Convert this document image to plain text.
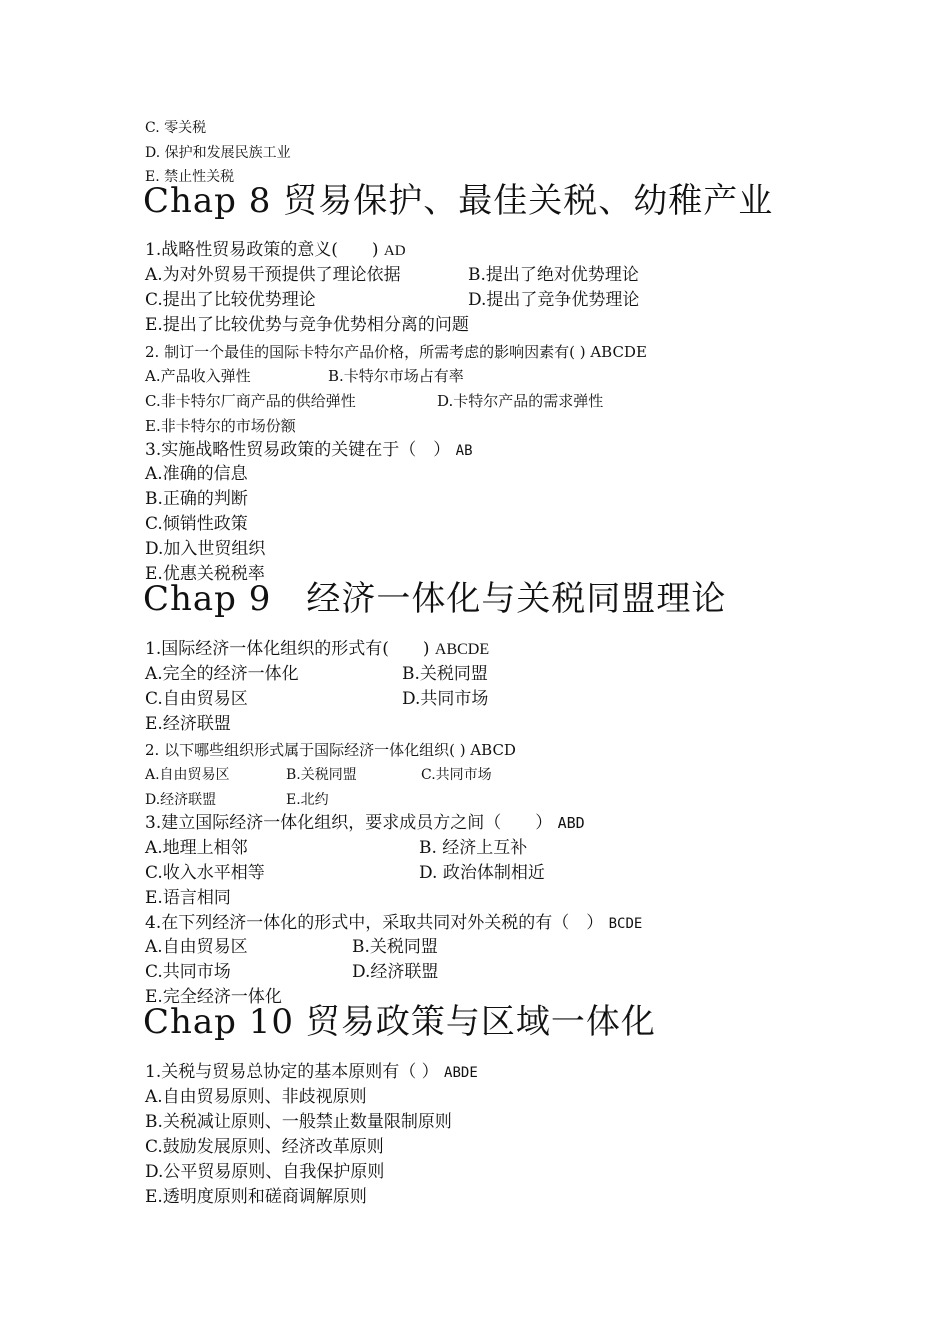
C. 零关税
D. 保护和发展民族工业
E. 禁止性关税
Chap 8 贸易保护、最佳关税、幼稚产业
1.战略性贸易政策的意义(　　) AD
A.为对外贸易干预提供了理论依据	B.提出了绝对优势理论
C.提出了比较优势理论	D.提出了竞争优势理论
E.提出了比较优势与竞争优势相分离的问题
2. 制订一个最佳的国际卡特尔产品价格，所需考虑的影响因素有( ) ABCDE
A.产品收入弹性	B.卡特尔市场占有率
C.非卡特尔厂商产品的供给弹性	D.卡特尔产品的需求弹性
E.非卡特尔的市场份额
3.实施战略性贸易政策的关键在于（　） AB
A.准确的信息
B.正确的判断
C.倾销性政策
D.加入世贸组织
E.优惠关税税率
Chap 9　经济一体化与关税同盟理论
1.国际经济一体化组织的形式有(　　) ABCDE
A.完全的经济一体化	B.关税同盟
C.自由贸易区	D.共同市场
E.经济联盟
2. 以下哪些组织形式属于国际经济一体化组织( ) ABCD
A.自由贸易区	B.关税同盟	C.共同市场
D.经济联盟	E.北约
3.建立国际经济一体化组织，要求成员方之间（　　） ABD
A.地理上相邻	B. 经济上互补
C.收入水平相等	D. 政治体制相近
E.语言相同
4.在下列经济一体化的形式中，采取共同对外关税的有（　） BCDE
A.自由贸易区	B.关税同盟
C.共同市场	D.经济联盟
E.完全经济一体化
Chap 10 贸易政策与区域一体化
1.关税与贸易总协定的基本原则有（ ） ABDE
A.自由贸易原则、非歧视原则
B.关税减让原则、一般禁止数量限制原则
C.鼓励发展原则、经济改革原则
D.公平贸易原则、自我保护原则
E.透明度原则和磋商调解原则
